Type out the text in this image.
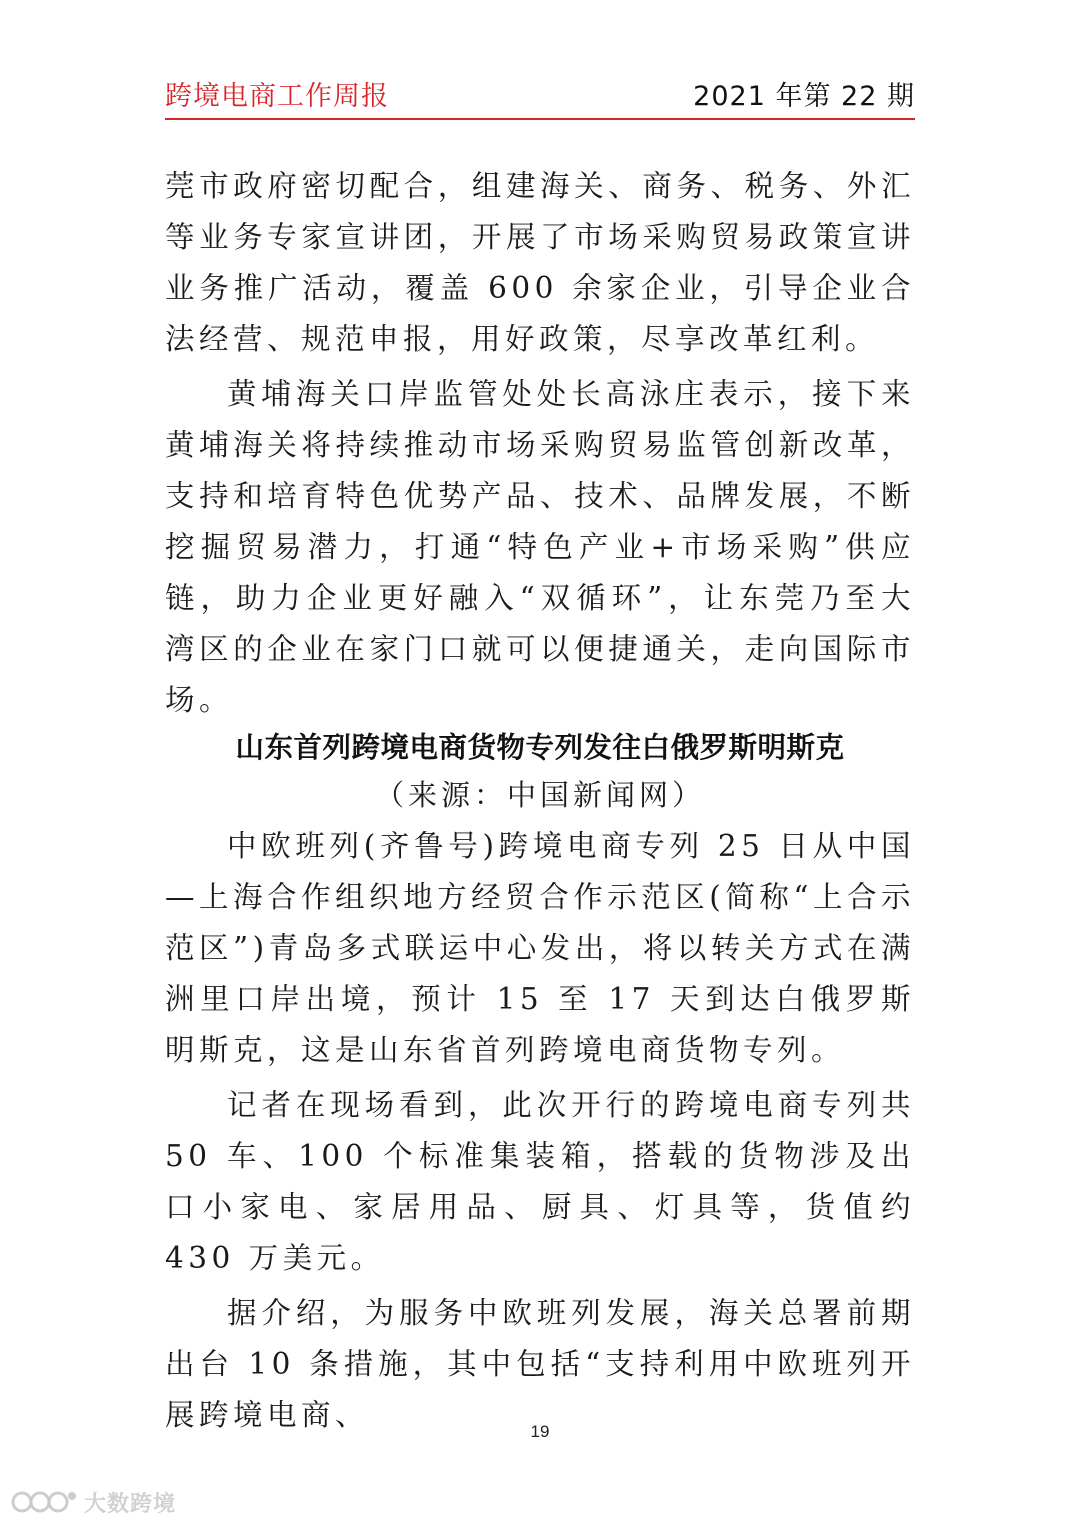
跨境电商工作周报	2021 年第 22 期

莞市政府密切配合，组建海关、商务、税务、外汇等业务专家宣讲团，开展了市场采购贸易政策宣讲业务推广活动，覆盖 600 余家企业，引导企业合法经营、规范申报，用好政策，尽享改革红利。

黄埔海关口岸监管处处长高泳庄表示，接下来黄埔海关将持续推动市场采购贸易监管创新改革，支持和培育特色优势产品、技术、品牌发展，不断挖掘贸易潜力，打通“特色产业+市场采购”供应链，助力企业更好融入“双循环”，让东莞乃至大湾区的企业在家门口就可以便捷通关，走向国际市场。

山东首列跨境电商货物专列发往白俄罗斯明斯克
（来源：中国新闻网）

中欧班列(齐鲁号)跨境电商专列 25 日从中国—上海合作组织地方经贸合作示范区(简称“上合示范区”)青岛多式联运中心发出，将以转关方式在满洲里口岸出境，预计 15 至 17 天到达白俄罗斯明斯克，这是山东省首列跨境电商货物专列。

记者在现场看到，此次开行的跨境电商专列共 50 车、100 个标准集装箱，搭载的货物涉及出口小家电、家居用品、厨具、灯具等，货值约 430 万美元。

据介绍，为服务中欧班列发展，海关总署前期出台 10 条措施，其中包括“支持利用中欧班列开展跨境电商、	19
大数跨境
